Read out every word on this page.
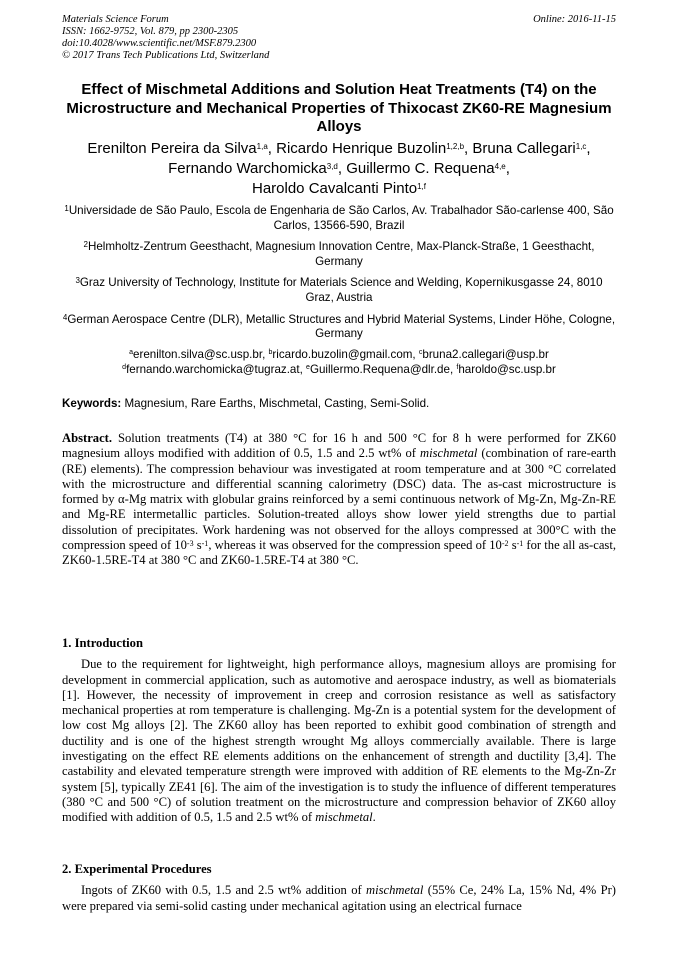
Materials Science Forum
ISSN: 1662-9752, Vol. 879, pp 2300-2305
doi:10.4028/www.scientific.net/MSF.879.2300
© 2017 Trans Tech Publications Ltd, Switzerland
Online: 2016-11-15
Effect of Mischmetal Additions and Solution Heat Treatments (T4) on the Microstructure and Mechanical Properties of Thixocast ZK60-RE Magnesium Alloys
Erenilton Pereira da Silva$^{1,a}$, Ricardo Henrique Buzolin$^{1,2,b}$, Bruna Callegari$^{1,c}$,
Fernando Warchomicka$^{3,d}$, Guillermo C. Requena$^{4,e}$,
Haroldo Cavalcanti Pinto$^{1,f}$

$^1$Universidade de São Paulo, Escola de Engenharia de São Carlos, Av. Trabalhador São-carlense 400, São Carlos, 13566-590, Brazil

$^2$Helmholtz-Zentrum Geesthacht, Magnesium Innovation Centre, Max-Planck-Straße, 1 Geesthacht, Germany

$^3$Graz University of Technology, Institute for Materials Science and Welding, Kopernikusgasse 24, 8010 Graz, Austria

$^4$German Aerospace Centre (DLR), Metallic Structures and Hybrid Material Systems, Linder Höhe, Cologne, Germany

$^a$erenilton.silva@sc.usp.br, $^b$ricardo.buzolin@gmail.com, $^c$bruna2.callegari@usp.br
$^d$fernando.warchomicka@tugraz.at, $^e$Guillermo.Requena@dlr.de, $^f$haroldo@sc.usp.br
Keywords: Magnesium, Rare Earths, Mischmetal, Casting, Semi-Solid.
Abstract. Solution treatments (T4) at 380 °C for 16 h and 500 °C for 8 h were performed for ZK60 magnesium alloys modified with addition of 0.5, 1.5 and 2.5 wt% of mischmetal (combination of rare-earth (RE) elements). The compression behaviour was investigated at room temperature and at 300 °C correlated with the microstructure and differential scanning calorimetry (DSC) data. The as-cast microstructure is formed by α-Mg matrix with globular grains reinforced by a semi continuous network of Mg-Zn, Mg-Zn-RE and Mg-RE intermetallic particles. Solution-treated alloys show lower yield strengths due to partial dissolution of precipitates. Work hardening was not observed for the alloys compressed at 300°C with the compression speed of $10^{-3}$ $s^{-1}$, whereas it was observed for the compression speed of $10^{-2}$ $s^{-1}$ for the all as-cast, ZK60-1.5RE-T4 at 380 °C and ZK60-1.5RE-T4 at 380 °C.
1. Introduction

Due to the requirement for lightweight, high performance alloys, magnesium alloys are promising for development in commercial application, such as automotive and aerospace industry, as well as biomaterials [1]. However, the necessity of improvement in creep and corrosion resistance as well as satisfactory mechanical properties at rom temperature is challenging. Mg-Zn is a potential system for the development of low cost Mg alloys [2]. The ZK60 alloy has been reported to exhibit good combination of strength and ductility and is one of the highest strength wrought Mg alloys commercially available. There is large investigating on the effect RE elements additions on the enhancement of strength and ductility [3,4]. The castability and elevated temperature strength were improved with addition of RE elements to the Mg-Zn-Zr system [5], typically ZE41 [6]. The aim of the investigation is to study the influence of different temperatures (380 °C and 500 °C) of solution treatment on the microstructure and compression behavior of ZK60 alloy modified with addition of 0.5, 1.5 and 2.5 wt% of mischmetal.

2. Experimental Procedures

Ingots of ZK60 with 0.5, 1.5 and 2.5 wt% addition of mischmetal (55% Ce, 24% La, 15% Nd, 4% Pr) were prepared via semi-solid casting under mechanical agitation using an electrical furnace
